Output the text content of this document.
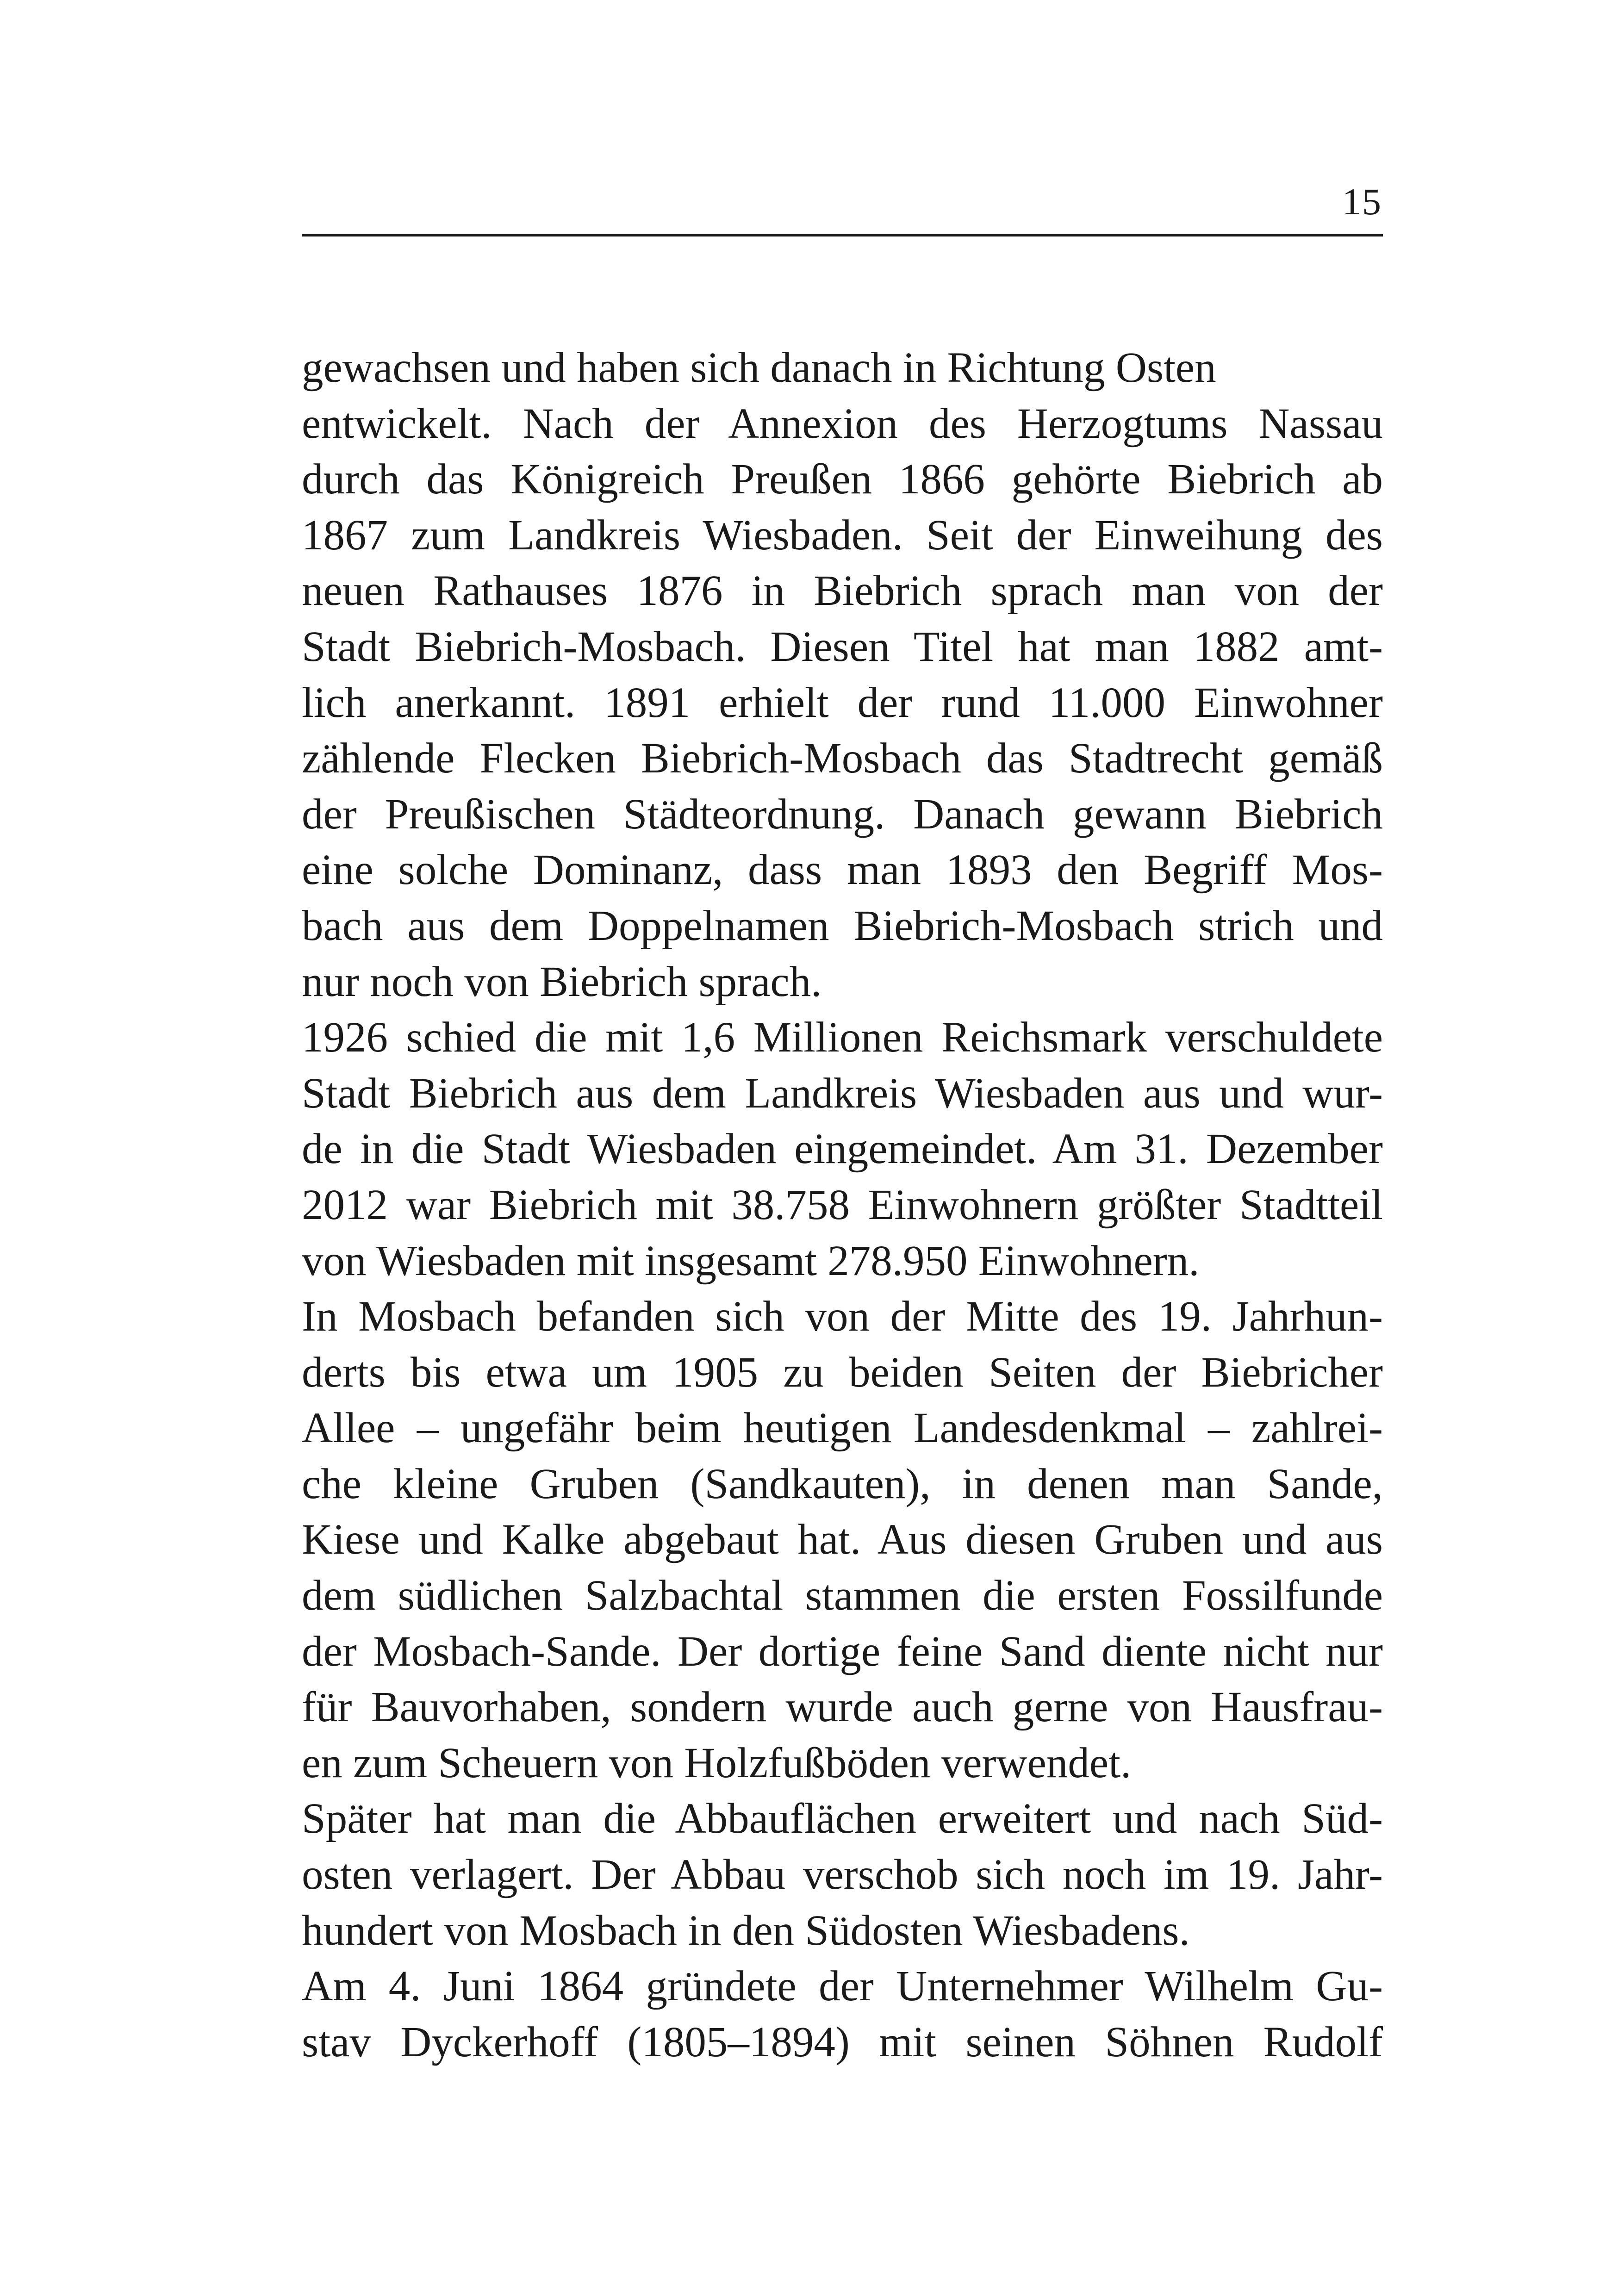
15
gewachsen und haben sich danach in Richtung Osten
entwickelt. Nach der Annexion des Herzogtums Nassau
durch das Königreich Preußen 1866 gehörte Biebrich ab
1867 zum Landkreis Wiesbaden. Seit der Einweihung des
neuen Rathauses 1876 in Biebrich sprach man von der
Stadt Biebrich-Mosbach. Diesen Titel hat man 1882 amt-
lich anerkannt. 1891 erhielt der rund 11.000 Einwohner
zählende Flecken Biebrich-Mosbach das Stadtrecht gemäß
der Preußischen Städteordnung. Danach gewann Biebrich
eine solche Dominanz, dass man 1893 den Begriff Mos-
bach aus dem Doppelnamen Biebrich-Mosbach strich und
nur noch von Biebrich sprach.
1926 schied die mit 1,6 Millionen Reichsmark verschuldete
Stadt Biebrich aus dem Landkreis Wiesbaden aus und wur-
de in die Stadt Wiesbaden eingemeindet. Am 31. Dezember
2012 war Biebrich mit 38.758 Einwohnern größter Stadtteil
von Wiesbaden mit insgesamt 278.950 Einwohnern.
In Mosbach befanden sich von der Mitte des 19. Jahrhun-
derts bis etwa um 1905 zu beiden Seiten der Biebricher
Allee – ungefähr beim heutigen Landesdenkmal – zahlrei-
che kleine Gruben (Sandkauten), in denen man Sande,
Kiese und Kalke abgebaut hat. Aus diesen Gruben und aus
dem südlichen Salzbachtal stammen die ersten Fossilfunde
der Mosbach-Sande. Der dortige feine Sand diente nicht nur
für Bauvorhaben, sondern wurde auch gerne von Hausfrau-
en zum Scheuern von Holzfußböden verwendet.
Später hat man die Abbauflächen erweitert und nach Süd-
osten verlagert. Der Abbau verschob sich noch im 19. Jahr-
hundert von Mosbach in den Südosten Wiesbadens.
Am 4. Juni 1864 gründete der Unternehmer Wilhelm Gu-
stav Dyckerhoff (1805–1894) mit seinen Söhnen Rudolf
